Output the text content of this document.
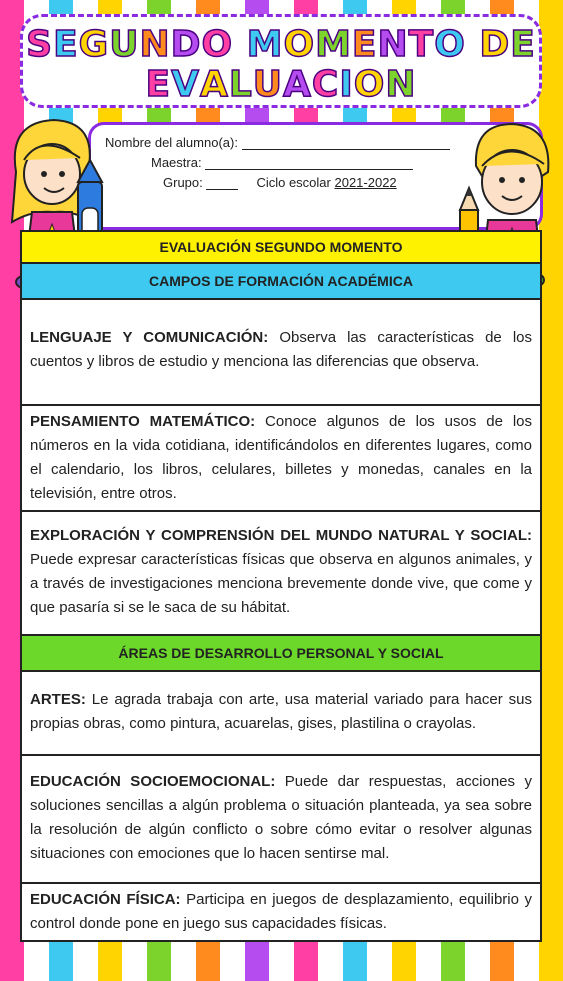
SEGUNDO MOMENTO DE
EVALUACION
Nombre del alumno(a):
Maestra:
Grupo:	Ciclo escolar 2021-2022
EVALUACIÓN SEGUNDO MOMENTO
CAMPOS DE FORMACIÓN ACADÉMICA
LENGUAJE Y COMUNICACIÓN: Observa las características de los cuentos y libros de estudio y menciona las diferencias que observa.
PENSAMIENTO MATEMÁTICO: Conoce algunos de los usos de los números en la vida cotidiana, identificándolos en diferentes lugares, como el calendario, los libros, celulares, billetes y monedas, canales en la televisión, entre otros.
EXPLORACIÓN Y COMPRENSIÓN DEL MUNDO NATURAL Y SOCIAL: Puede expresar características físicas que observa en algunos animales, y a través de investigaciones menciona brevemente donde vive, que come y que pasaría si se le saca de su hábitat.
ÁREAS DE DESARROLLO PERSONAL Y SOCIAL
ARTES: Le agrada trabaja con arte, usa material variado para hacer sus propias obras, como pintura, acuarelas, gises, plastilina o crayolas.
EDUCACIÓN SOCIOEMOCIONAL: Puede dar respuestas, acciones y soluciones sencillas a algún problema o situación planteada, ya sea sobre la resolución de algún conflicto o sobre cómo evitar o resolver algunas situaciones con emociones que lo hacen sentirse mal.
EDUCACIÓN FÍSICA: Participa en juegos de desplazamiento, equilibrio y control donde pone en juego sus capacidades físicas.
